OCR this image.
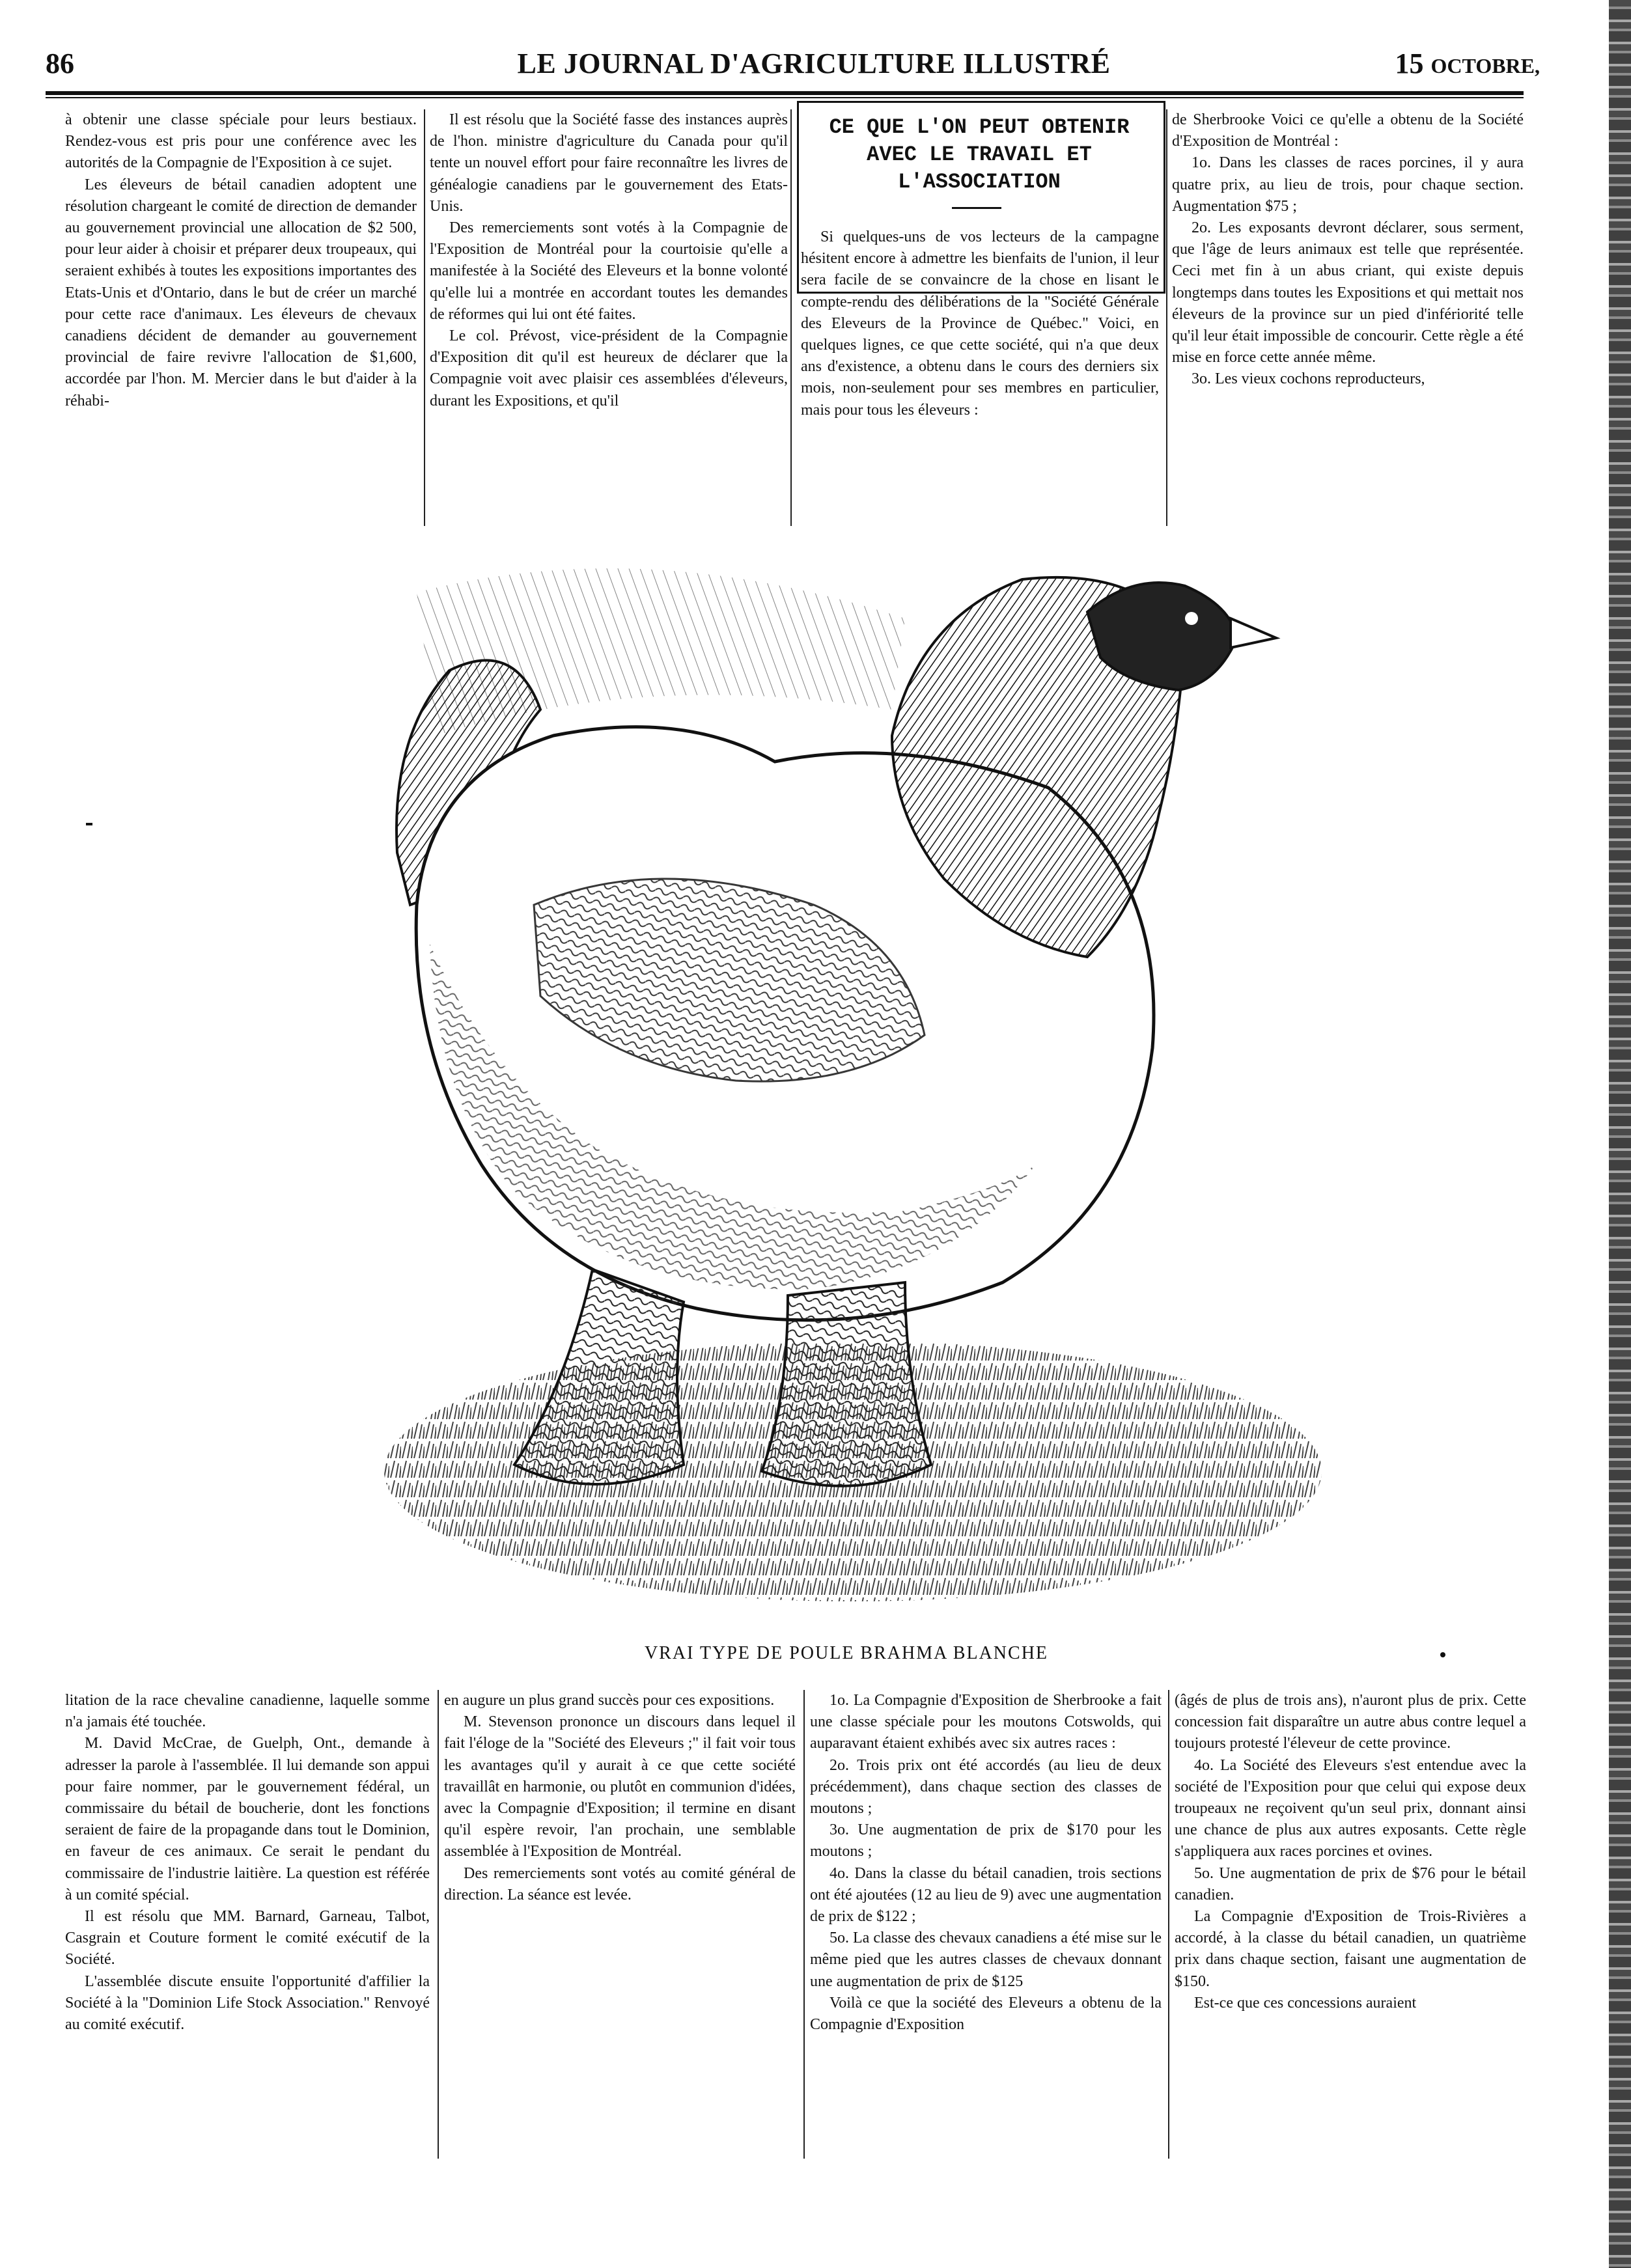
86	LE JOURNAL D'AGRICULTURE ILLUSTRÉ	15 OCTOBRE,

à obtenir une classe spéciale pour leurs bestiaux. Rendez-vous est pris pour une conférence avec les autorités de la Compagnie de l'Exposition à ce sujet.

Les éleveurs de bétail canadien adoptent une résolution chargeant le comité de direction de demander au gouvernement provincial une allocation de $2 500, pour leur aider à choisir et préparer deux troupeaux, qui seraient exhibés à toutes les expositions importantes des Etats-Unis et d'Ontario, dans le but de créer un marché pour cette race d'animaux. Les éleveurs de chevaux canadiens décident de demander au gouvernement provincial de faire revivre l'allocation de $1,600, accordée par l'hon. M. Mercier dans le but d'aider à la réhabi-

Il est résolu que la Société fasse des instances auprès de l'hon. ministre d'agriculture du Canada pour qu'il tente un nouvel effort pour faire reconnaître les livres de généalogie canadiens par le gouvernement des Etats-Unis.

Des remerciements sont votés à la Compagnie de l'Exposition de Montréal pour la courtoisie qu'elle a manifestée à la Société des Eleveurs et la bonne volonté qu'elle lui a montrée en accordant toutes les demandes de réformes qui lui ont été faites.

Le col. Prévost, vice-président de la Compagnie d'Exposition dit qu'il est heureux de déclarer que la Compagnie voit avec plaisir ces assemblées d'éleveurs, durant les Expositions, et qu'il

CE QUE L'ON PEUT OBTENIR AVEC LE TRAVAIL ET L'ASSOCIATION

Si quelques-uns de vos lecteurs de la campagne hésitent encore à admettre les bienfaits de l'union, il leur sera facile de se convaincre de la chose en lisant le compte-rendu des délibérations de la "Société Générale des Eleveurs de la Province de Québec." Voici, en quelques lignes, ce que cette société, qui n'a que deux ans d'existence, a obtenu dans le cours des derniers six mois, non-seulement pour ses membres en particulier, mais pour tous les éleveurs :

de Sherbrooke Voici ce qu'elle a obtenu de la Société d'Exposition de Montréal :

1o. Dans les classes de races porcines, il y aura quatre prix, au lieu de trois, pour chaque section. Augmentation $75 ;

2o. Les exposants devront déclarer, sous serment, que l'âge de leurs animaux est telle que représentée. Ceci met fin à un abus criant, qui existe depuis longtemps dans toutes les Expositions et qui mettait nos éleveurs de la province sur un pied d'infériorité telle qu'il leur était impossible de concourir. Cette règle a été mise en force cette année même.

3o. Les vieux cochons reproducteurs,

VRAI TYPE DE POULE BRAHMA BLANCHE

litation de la race chevaline canadienne, laquelle somme n'a jamais été touchée.

M. David McCrae, de Guelph, Ont., demande à adresser la parole à l'assemblée. Il lui demande son appui pour faire nommer, par le gouvernement fédéral, un commissaire du bétail de boucherie, dont les fonctions seraient de faire de la propagande dans tout le Dominion, en faveur de ces animaux. Ce serait le pendant du commissaire de l'industrie laitière. La question est référée à un comité spécial.

Il est résolu que MM. Barnard, Garneau, Talbot, Casgrain et Couture forment le comité exécutif de la Société.

L'assemblée discute ensuite l'opportunité d'affilier la Société à la "Dominion Life Stock Association." Renvoyé au comité exécutif.

en augure un plus grand succès pour ces expositions.

M. Stevenson prononce un discours dans lequel il fait l'éloge de la "Société des Eleveurs ;" il fait voir tous les avantages qu'il y aurait à ce que cette société travaillât en harmonie, ou plutôt en communion d'idées, avec la Compagnie d'Exposition; il termine en disant qu'il espère revoir, l'an prochain, une semblable assemblée à l'Exposition de Montréal.

Des remerciements sont votés au comité général de direction. La séance est levée.

1o. La Compagnie d'Exposition de Sherbrooke a fait une classe spéciale pour les moutons Cotswolds, qui auparavant étaient exhibés avec six autres races :

2o. Trois prix ont été accordés (au lieu de deux précédemment), dans chaque section des classes de moutons ;

3o. Une augmentation de prix de $170 pour les moutons ;

4o. Dans la classe du bétail canadien, trois sections ont été ajoutées (12 au lieu de 9) avec une augmentation de prix de $122 ;

5o. La classe des chevaux canadiens a été mise sur le même pied que les autres classes de chevaux donnant une augmentation de prix de $125

Voilà ce que la société des Eleveurs a obtenu de la Compagnie d'Exposition

(âgés de plus de trois ans), n'auront plus de prix. Cette concession fait disparaître un autre abus contre lequel a toujours protesté l'éleveur de cette province.

4o. La Société des Eleveurs s'est entendue avec la société de l'Exposition pour que celui qui expose deux troupeaux ne reçoivent qu'un seul prix, donnant ainsi une chance de plus aux autres exposants. Cette règle s'appliquera aux races porcines et ovines.

5o. Une augmentation de prix de $76 pour le bétail canadien.

La Compagnie d'Exposition de Trois-Rivières a accordé, à la classe du bétail canadien, un quatrième prix dans chaque section, faisant une augmentation de $150.

Est-ce que ces concessions auraient
